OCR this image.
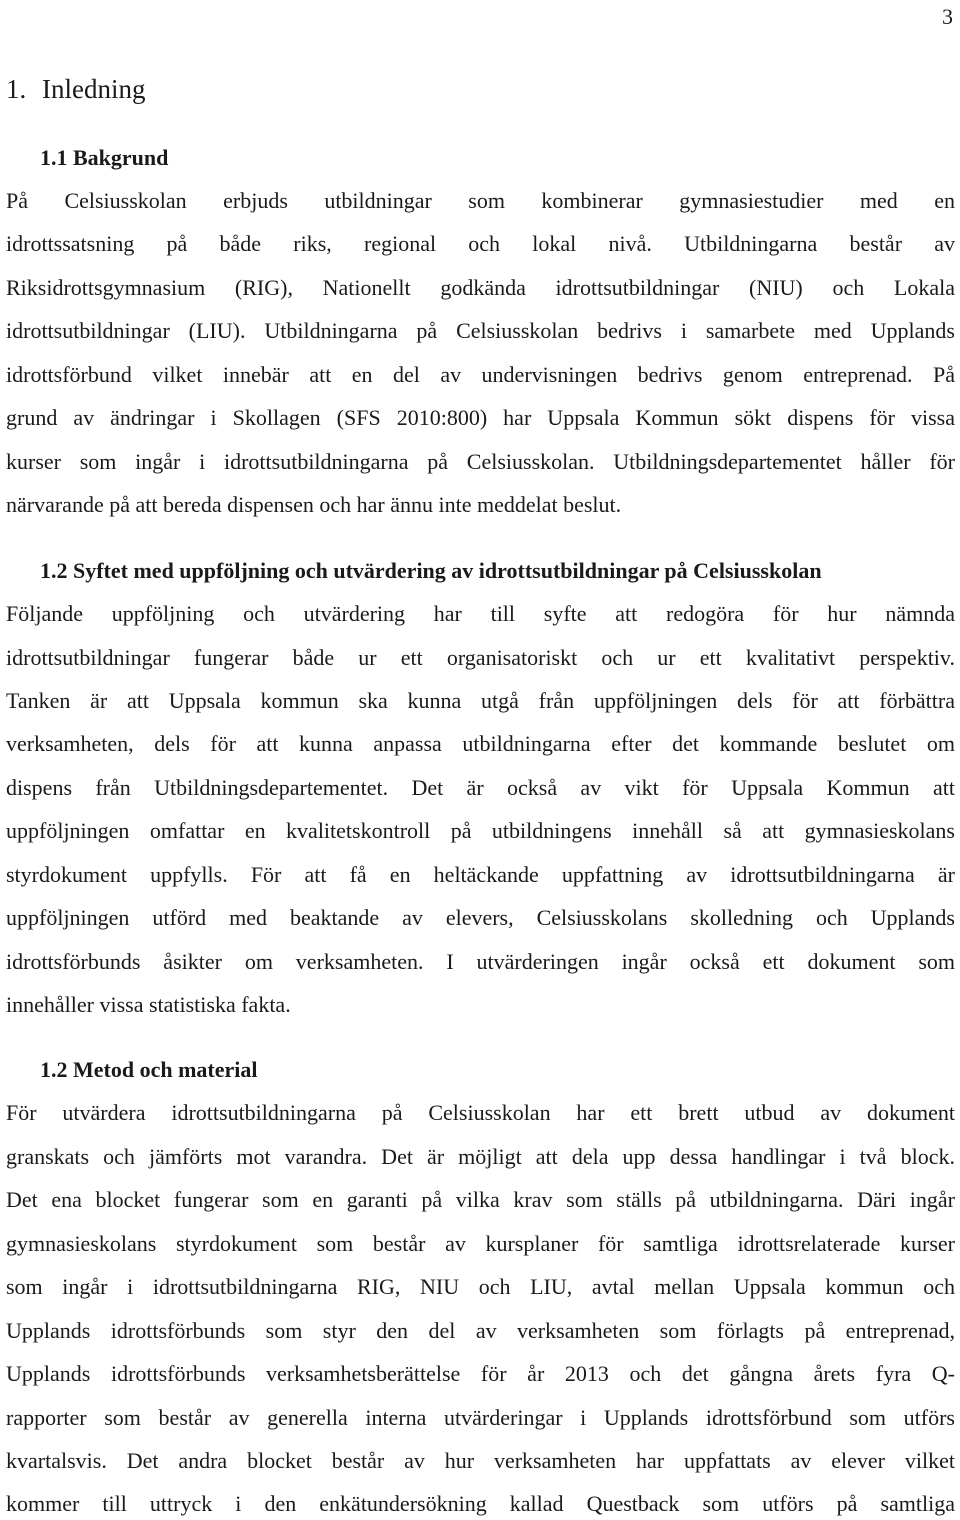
3
1. Inledning
1.1 Bakgrund
På Celsiusskolan erbjuds utbildningar som kombinerar gymnasiestudier med en
idrottssatsning på både riks, regional och lokal nivå. Utbildningarna består av
Riksidrottsgymnasium (RIG), Nationellt godkända idrottsutbildningar (NIU) och Lokala
idrottsutbildningar (LIU). Utbildningarna på Celsiusskolan bedrivs i samarbete med Upplands
idrottsförbund vilket innebär att en del av undervisningen bedrivs genom entreprenad. På
grund av ändringar i Skollagen (SFS 2010:800) har Uppsala Kommun sökt dispens för vissa
kurser som ingår i idrottsutbildningarna på Celsiusskolan. Utbildningsdepartementet håller för
närvarande på att bereda dispensen och har ännu inte meddelat beslut.
1.2 Syftet med uppföljning och utvärdering av idrottsutbildningar på Celsiusskolan
Följande uppföljning och utvärdering har till syfte att redogöra för hur nämnda
idrottsutbildningar fungerar både ur ett organisatoriskt och ur ett kvalitativt perspektiv.
Tanken är att Uppsala kommun ska kunna utgå från uppföljningen dels för att förbättra
verksamheten, dels för att kunna anpassa utbildningarna efter det kommande beslutet om
dispens från Utbildningsdepartementet. Det är också av vikt för Uppsala Kommun att
uppföljningen omfattar en kvalitetskontroll på utbildningens innehåll så att gymnasieskolans
styrdokument uppfylls. För att få en heltäckande uppfattning av idrottsutbildningarna är
uppföljningen utförd med beaktande av elevers, Celsiusskolans skolledning och Upplands
idrottsförbunds åsikter om verksamheten. I utvärderingen ingår också ett dokument som
innehåller vissa statistiska fakta.
1.2 Metod och material
För utvärdera idrottsutbildningarna på Celsiusskolan har ett brett utbud av dokument
granskats och jämförts mot varandra. Det är möjligt att dela upp dessa handlingar i två block.
Det ena blocket fungerar som en garanti på vilka krav som ställs på utbildningarna. Däri ingår
gymnasieskolans styrdokument som består av kursplaner för samtliga idrottsrelaterade kurser
som ingår i idrottsutbildningarna RIG, NIU och LIU, avtal mellan Uppsala kommun och
Upplands idrottsförbunds som styr den del av verksamheten som förlagts på entreprenad,
Upplands idrottsförbunds verksamhetsberättelse för år 2013 och det gångna årets fyra Q-
rapporter som består av generella interna utvärderingar i Upplands idrottsförbund som utförs
kvartalsvis. Det andra blocket består av hur verksamheten har uppfattats av elever vilket
kommer till uttryck i den enkätundersökning kallad Questback som utförs på samtliga
